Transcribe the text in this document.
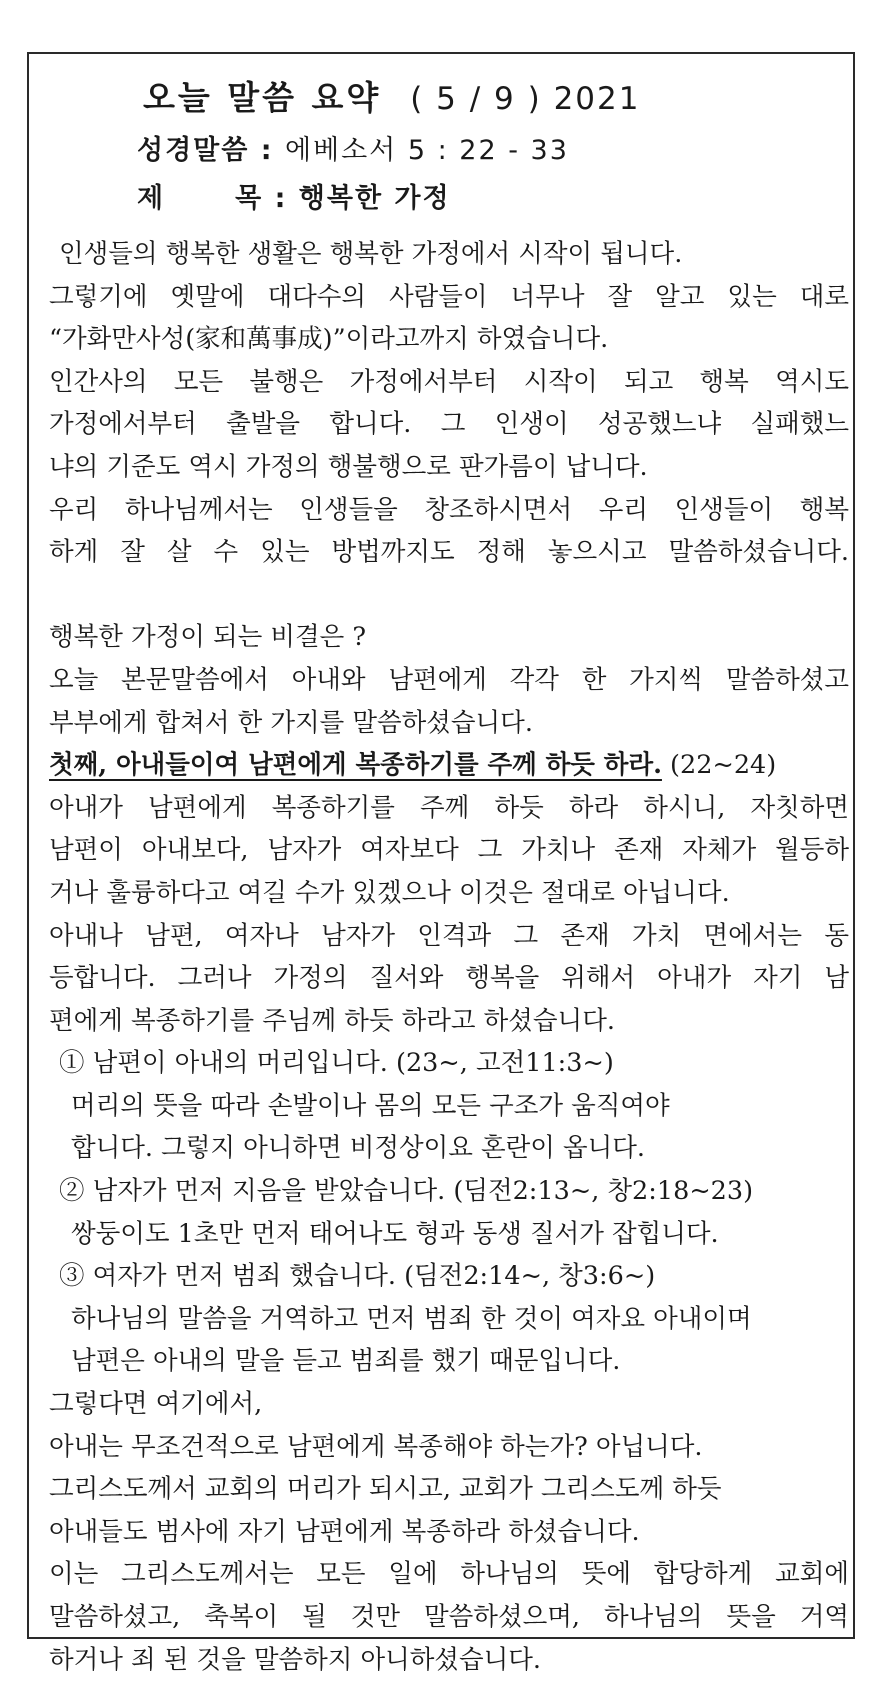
오늘 말씀 요약 ( 5 / 9 ) 2021
성경말씀 : 에베소서 5 : 22 - 33
제	목 : 행복한 가정
인생들의 행복한 생활은 행복한 가정에서 시작이 됩니다.
그렇기에 옛말에 대다수의 사람들이 너무나 잘 알고 있는 대로
“가화만사성(家和萬事成)”이라고까지 하였습니다.
인간사의 모든 불행은 가정에서부터 시작이 되고 행복 역시도
가정에서부터 출발을 합니다. 그 인생이 성공했느냐 실패했느
냐의 기준도 역시 가정의 행불행으로 판가름이 납니다.
우리 하나님께서는 인생들을 창조하시면서 우리 인생들이 행복
하게 잘 살 수 있는 방법까지도 정해 놓으시고 말씀하셨습니다.
행복한 가정이 되는 비결은 ?
오늘 본문말씀에서 아내와 남편에게 각각 한 가지씩 말씀하셨고
부부에게 합쳐서 한 가지를 말씀하셨습니다.
첫째, 아내들이여 남편에게 복종하기를 주께 하듯 하라. (22~24)
아내가 남편에게 복종하기를 주께 하듯 하라 하시니, 자칫하면
남편이 아내보다, 남자가 여자보다 그 가치나 존재 자체가 월등하
거나 훌륭하다고 여길 수가 있겠으나 이것은 절대로 아닙니다.
아내나 남편, 여자나 남자가 인격과 그 존재 가치 면에서는 동
등합니다. 그러나 가정의 질서와 행복을 위해서 아내가 자기 남
편에게 복종하기를 주님께 하듯 하라고 하셨습니다.
① 남편이 아내의 머리입니다. (23~, 고전11:3~)
머리의 뜻을 따라 손발이나 몸의 모든 구조가 움직여야
합니다. 그렇지 아니하면 비정상이요 혼란이 옵니다.
② 남자가 먼저 지음을 받았습니다. (딤전2:13~, 창2:18~23)
쌍둥이도 1초만 먼저 태어나도 형과 동생 질서가 잡힙니다.
③ 여자가 먼저 범죄 했습니다. (딤전2:14~, 창3:6~)
하나님의 말씀을 거역하고 먼저 범죄 한 것이 여자요 아내이며
남편은 아내의 말을 듣고 범죄를 했기 때문입니다.
그렇다면 여기에서,
아내는 무조건적으로 남편에게 복종해야 하는가? 아닙니다.
그리스도께서 교회의 머리가 되시고, 교회가 그리스도께 하듯
아내들도 범사에 자기 남편에게 복종하라 하셨습니다.
이는 그리스도께서는 모든 일에 하나님의 뜻에 합당하게 교회에
말씀하셨고, 축복이 될 것만 말씀하셨으며, 하나님의 뜻을 거역
하거나 죄 된 것을 말씀하지 아니하셨습니다.
